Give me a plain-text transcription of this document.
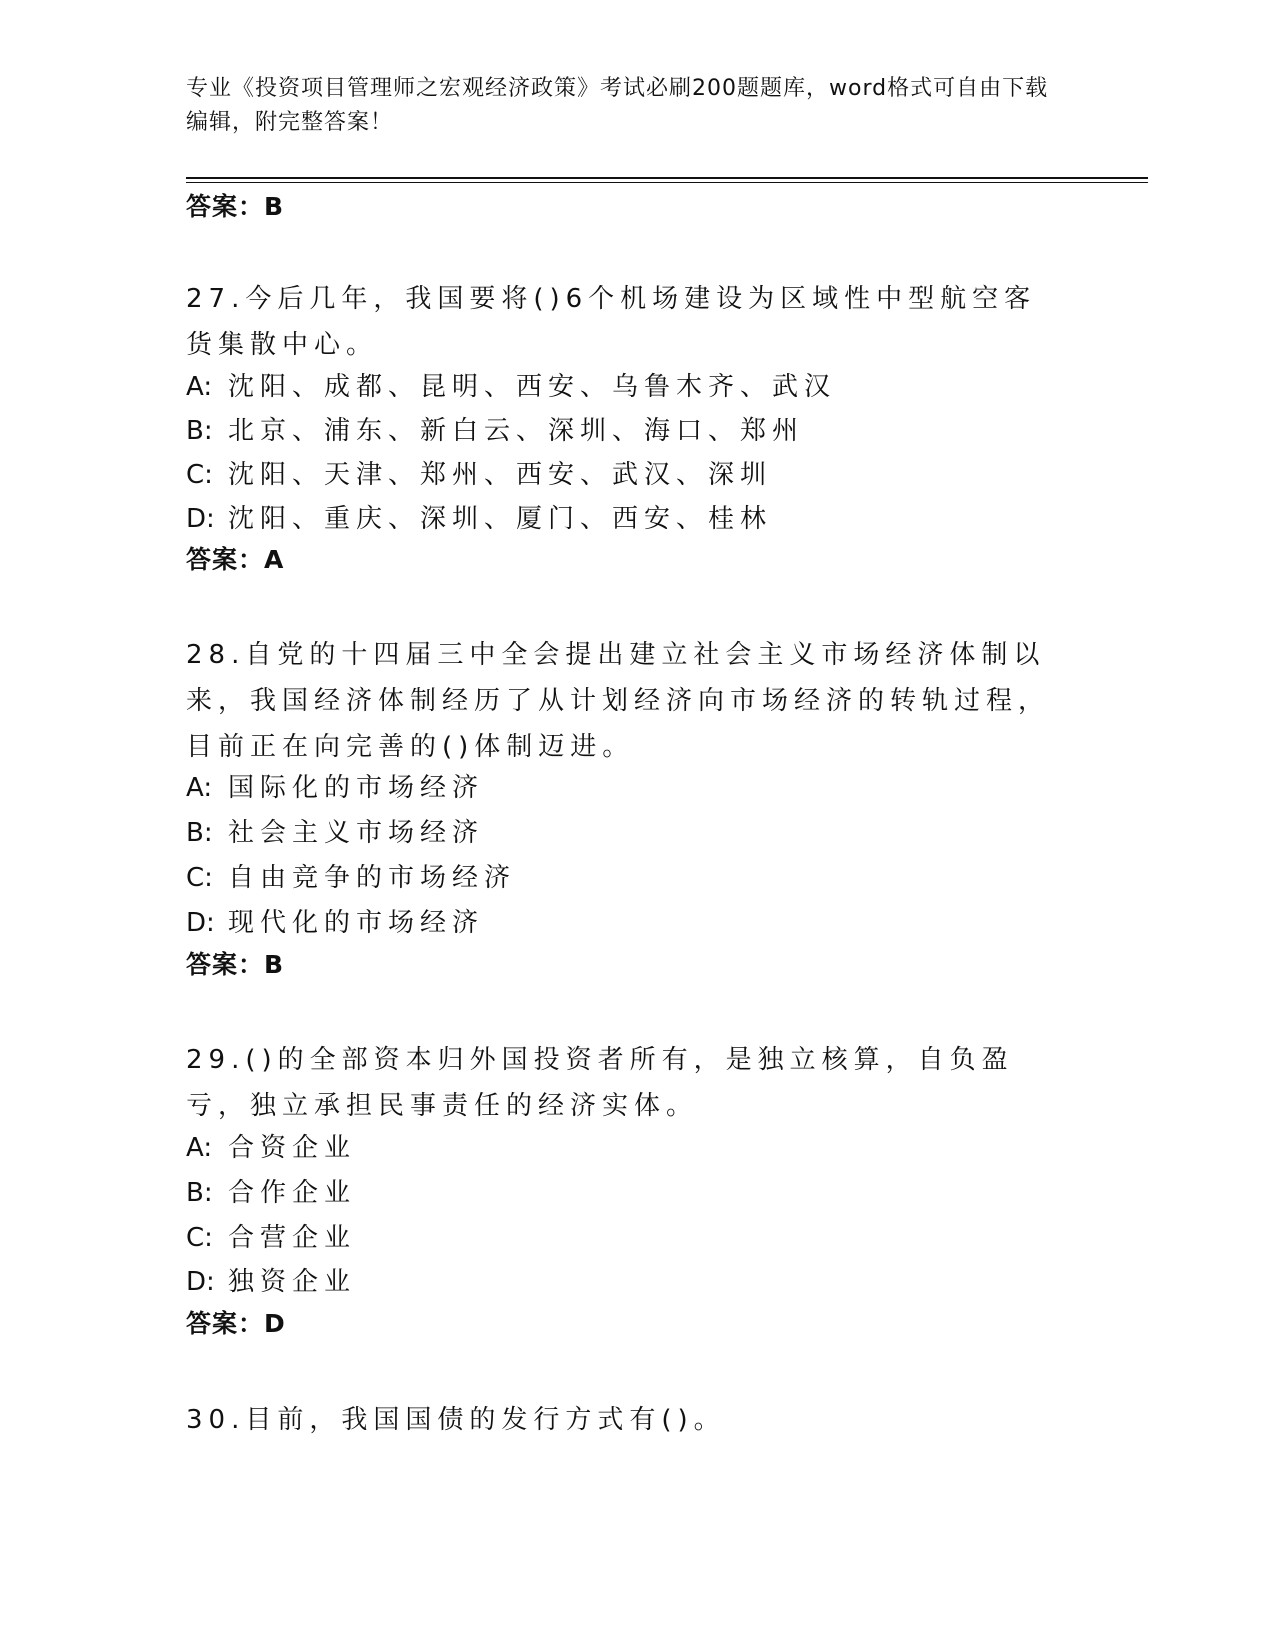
专业《投资项目管理师之宏观经济政策》考试必刷200题题库，word格式可自由下载编辑，附完整答案！
答案：B
27.今后几年，我国要将()6个机场建设为区域性中型航空客货集散中心。
A: 沈阳、成都、昆明、西安、乌鲁木齐、武汉
B: 北京、浦东、新白云、深圳、海口、郑州
C: 沈阳、天津、郑州、西安、武汉、深圳
D: 沈阳、重庆、深圳、厦门、西安、桂林
答案：A
28.自党的十四届三中全会提出建立社会主义市场经济体制以来，我国经济体制经历了从计划经济向市场经济的转轨过程，目前正在向完善的()体制迈进。
A: 国际化的市场经济
B: 社会主义市场经济
C: 自由竞争的市场经济
D: 现代化的市场经济
答案：B
29.()的全部资本归外国投资者所有，是独立核算，自负盈亏，独立承担民事责任的经济实体。
A: 合资企业
B: 合作企业
C: 合营企业
D: 独资企业
答案：D
30.目前，我国国债的发行方式有()。
